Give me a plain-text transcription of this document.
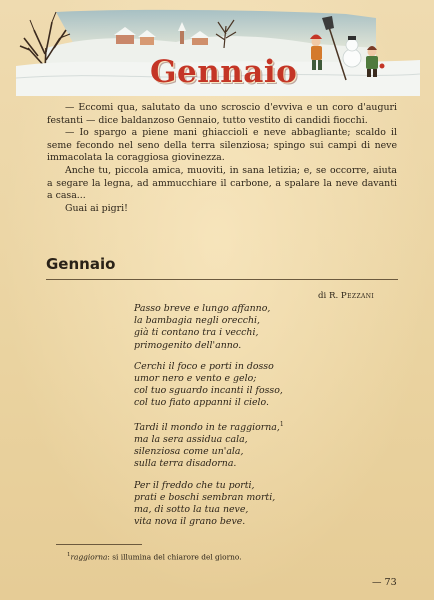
Gennaio

— Eccomi qua, salutato da uno scroscio d'evviva e un coro d'auguri festanti — dice baldanzoso Gennaio, tutto vestito di candidi fiocchi.

— Io spargo a piene mani ghiaccioli e neve abbagliante; scaldo il seme fecondo nel seno della terra silenziosa; spingo sui campi di neve immacolata la coraggiosa giovinezza.

Anche tu, piccola amica, muoviti, in sana letizia; e, se occorre, aiuta a segare la legna, ad ammucchiare il carbone, a spalare la neve davanti a casa...

Guai ai pigri!

Gennaio
di R. Pezzani
Passo breve e lungo affanno,
la bambagia negli orecchi,
già ti contano tra i vecchi,
primogenito dell'anno.
Cerchi il foco e porti in dosso
umor nero e vento e gelo;
col tuo sguardo incanti il fosso,
col tuo fiato appanni il cielo.
Tardi il mondo in te raggiorna,$^1$
ma la sera assidua cala,
silenziosa come un'ala,
sulla terra disadorna.
Per il freddo che tu porti,
prati e boschi sembran morti,
ma, di sotto la tua neve,
vita nova il grano beve.
$^1$raggiorna: si illumina del chiarore del giorno.
— 73
